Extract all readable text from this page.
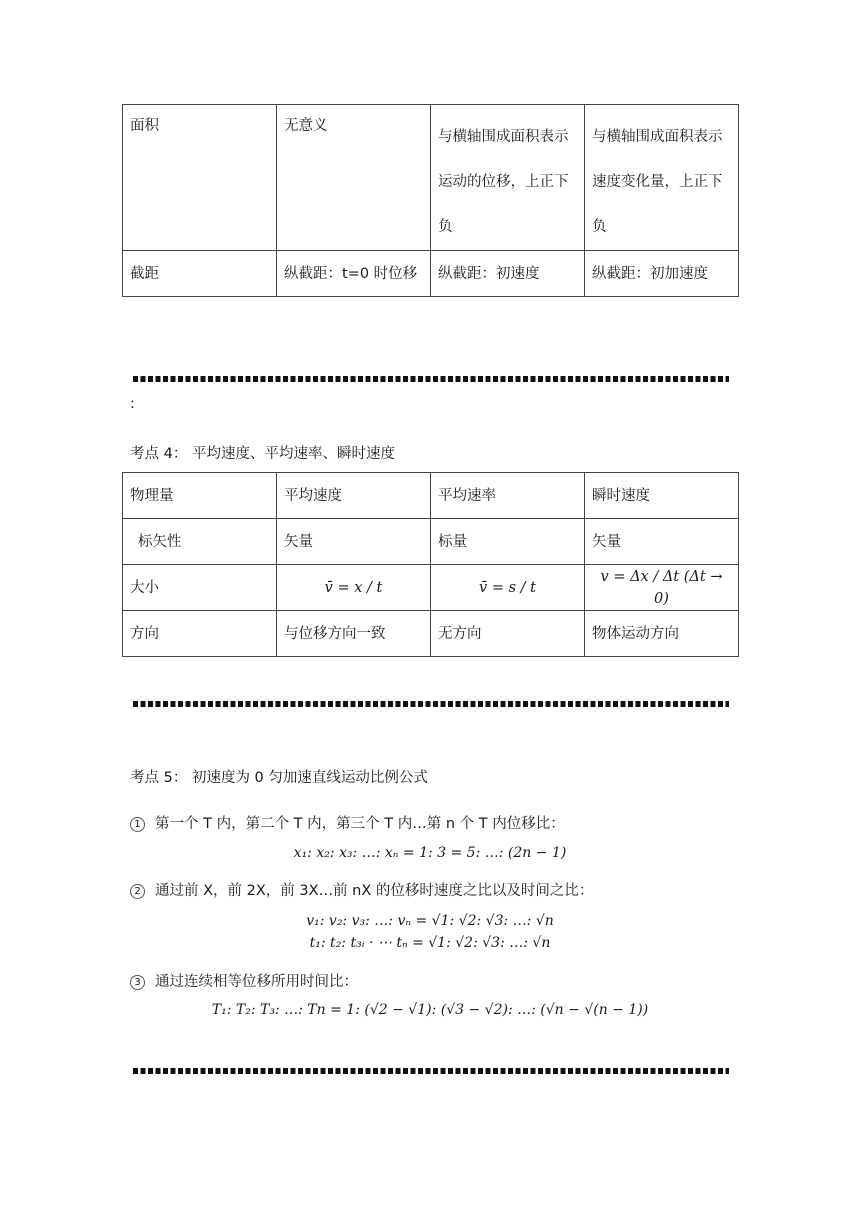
面积	无意义	与横轴围成面积表示运动的位移，上正下负	与横轴围成面积表示速度变化量，上正下负
截距	纵截距：t=0 时位移	纵截距：初速度	纵截距：初加速度
:
考点 4： 平均速度、平均速率、瞬时速度
物理量	平均速度	平均速率	瞬时速度
标矢性	矢量	标量	矢量
大小	v̄ = x / t	v̄ = s / t	v = Δx / Δt (Δt → 0)
方向	与位移方向一致	无方向	物体运动方向
考点 5： 初速度为 0 匀加速直线运动比例公式
1 第一个 T 内，第二个 T 内，第三个 T 内…第 n 个 T 内位移比：
x₁: x₂: x₃: …: xₙ = 1: 3 = 5: …: (2n − 1)
2 通过前 X，前 2X，前 3X…前 nX 的位移时速度之比以及时间之比：
v₁: v₂: v₃: …: vₙ = √1: √2: √3: …: √n
t₁: t₂: t₃ᵢ · ⋯ tₙ = √1: √2: √3: …: √n
3 通过连续相等位移所用时间比：
T₁: T₂: T₃: …: Tn = 1: (√2 − √1): (√3 − √2): …: (√n − √(n − 1))
